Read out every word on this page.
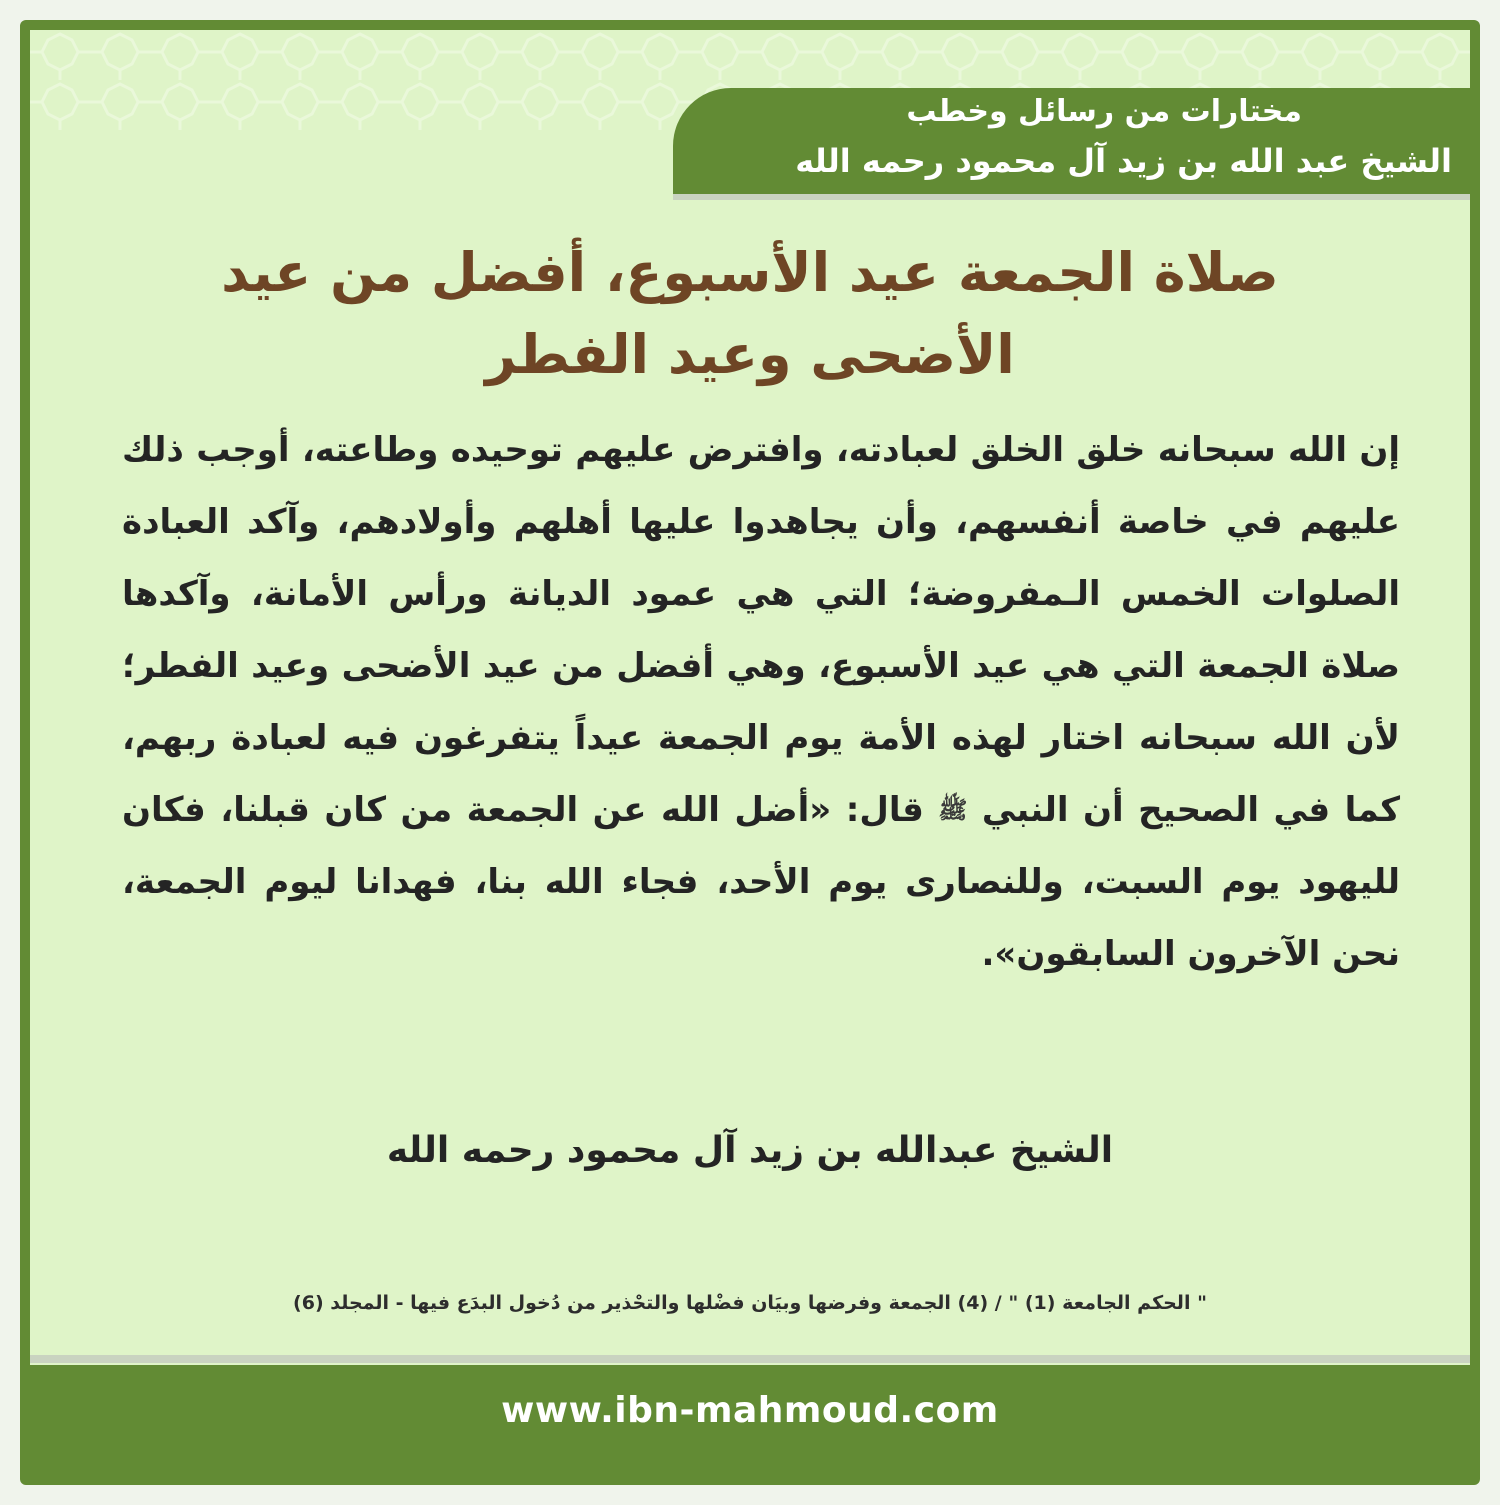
مختارات من رسائل وخطب
الشيخ عبد الله بن زيد آل محمود رحمه الله
صلاة الجمعة عيد الأسبوع، أفضل من عيد
الأضحى وعيد الفطر

إن الله سبحانه خلق الخلق لعبادته، وافترض عليهم توحيده وطاعته، أوجب ذلك عليهم في خاصة أنفسهم، وأن يجاهدوا عليها أهلهم وأولادهم، وآكد العبادة الصلوات الخمس الـمفروضة؛ التي هي عمود الديانة ورأس الأمانة، وآكدها صلاة الجمعة التي هي عيد الأسبوع، وهي أفضل من عيد الأضحى وعيد الفطر؛ لأن الله سبحانه اختار لهذه الأمة يوم الجمعة عيداً يتفرغون فيه لعبادة ربهم، كما في الصحيح أن النبي $^ﷺ$ قال: «أضل الله عن الجمعة من كان قبلنا، فكان لليهود يوم السبت، وللنصارى يوم الأحد، فجاء الله بنا، فهدانا ليوم الجمعة، نحن الآخرون السابقون».

الشيخ عبدالله بن زيد آل محمود رحمه الله
" الحكم الجامعة (1) " / (4) الجمعة وفرضها وبيَان فضْلها والتحْذير من دُخول البدَع فيها - المجلد (6)
www.ibn-mahmoud.com
